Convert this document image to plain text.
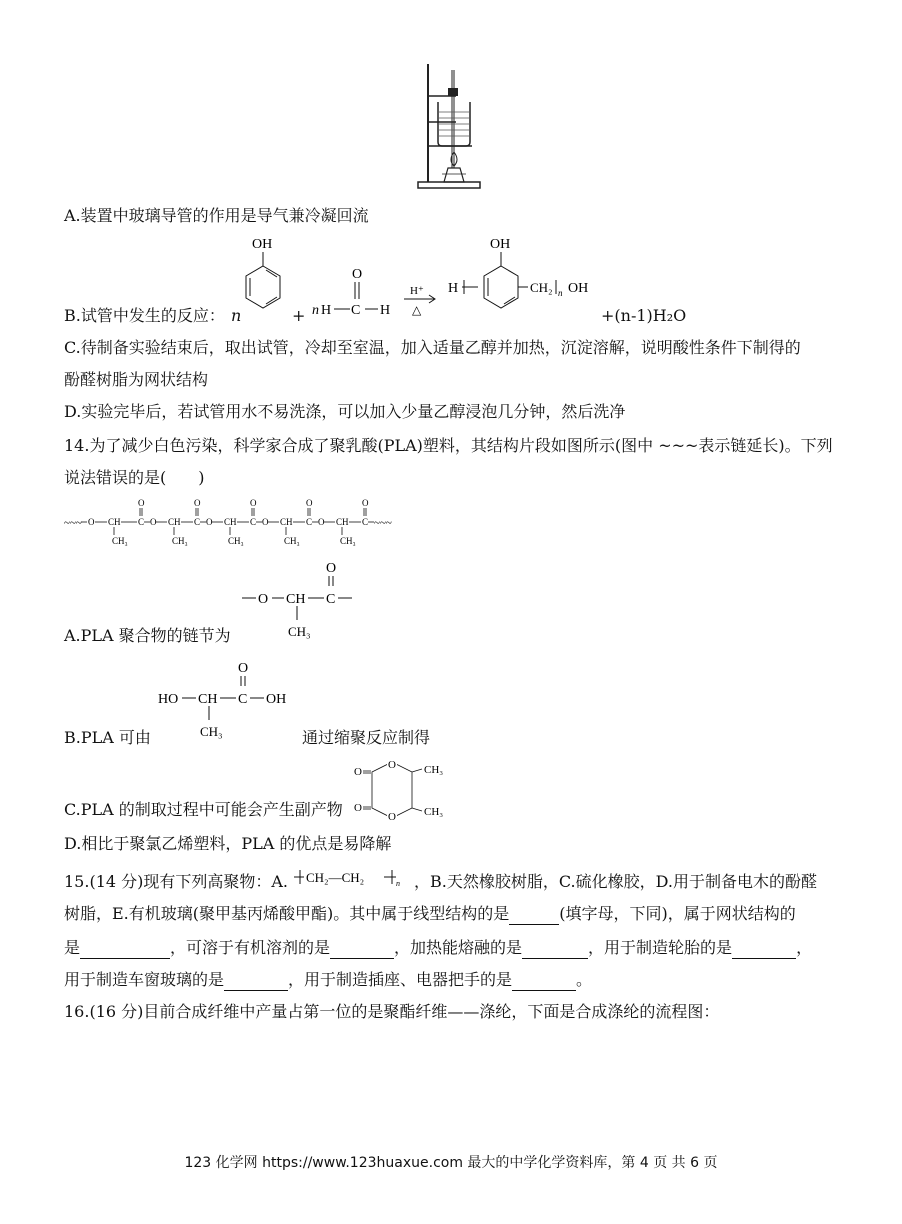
A.装置中玻璃导管的作用是导气兼冷凝回流
B.试管中发生的反应： n
OH
+ n H C H
O
H⁺
△
H
OH
CH₂ n OH
+(n-1)H₂O
C.待制备实验结束后，取出试管，冷却至室温，加入适量乙醇并加热，沉淀溶解，说明酸性条件下制得的
酚醛树脂为网状结构
D.实验完毕后，若试管用水不易洗涤，可以加入少量乙醇浸泡几分钟，然后洗净
14.为了减少白色污染，科学家合成了聚乳酸(PLA)塑料，其结构片段如图所示(图中 ~~~表示链延长)。下列
说法错误的是(　　)
~~~ O CH
CH₃
C
O
O CH
CH₃
C
O
O CH
CH₃
C
O
O CH
CH₃
C
O
O CH
CH₃
C
O
~~~
A.PLA 聚合物的链节为
O CH C
O
CH₃
B.PLA 可由
HO CH C OH
O
CH₃	通过缩聚反应制得
C.PLA 的制取过程中可能会产生副产物
O
O
O
O
CH₃
CH₃
D.相比于聚氯乙烯塑料，PLA 的优点是易降解
15.(14 分)现有下列高聚物：A. CH₂—CH₂	n ，B.天然橡胶树脂，C.硫化橡胶，D.用于制备电木的酚醛
树脂，E.有机玻璃(聚甲基丙烯酸甲酯)。其中属于线型结构的是	(填字母，下同)，属于网状结构的
是	，可溶于有机溶剂的是	，加热能熔融的是	，用于制造轮胎的是	，
用于制造车窗玻璃的是	，用于制造插座、电器把手的是	。
16.(16 分)目前合成纤维中产量占第一位的是聚酯纤维——涤纶，下面是合成涤纶的流程图：
123 化学网 https://www.123huaxue.com 最大的中学化学资料库，第 4 页 共 6 页
